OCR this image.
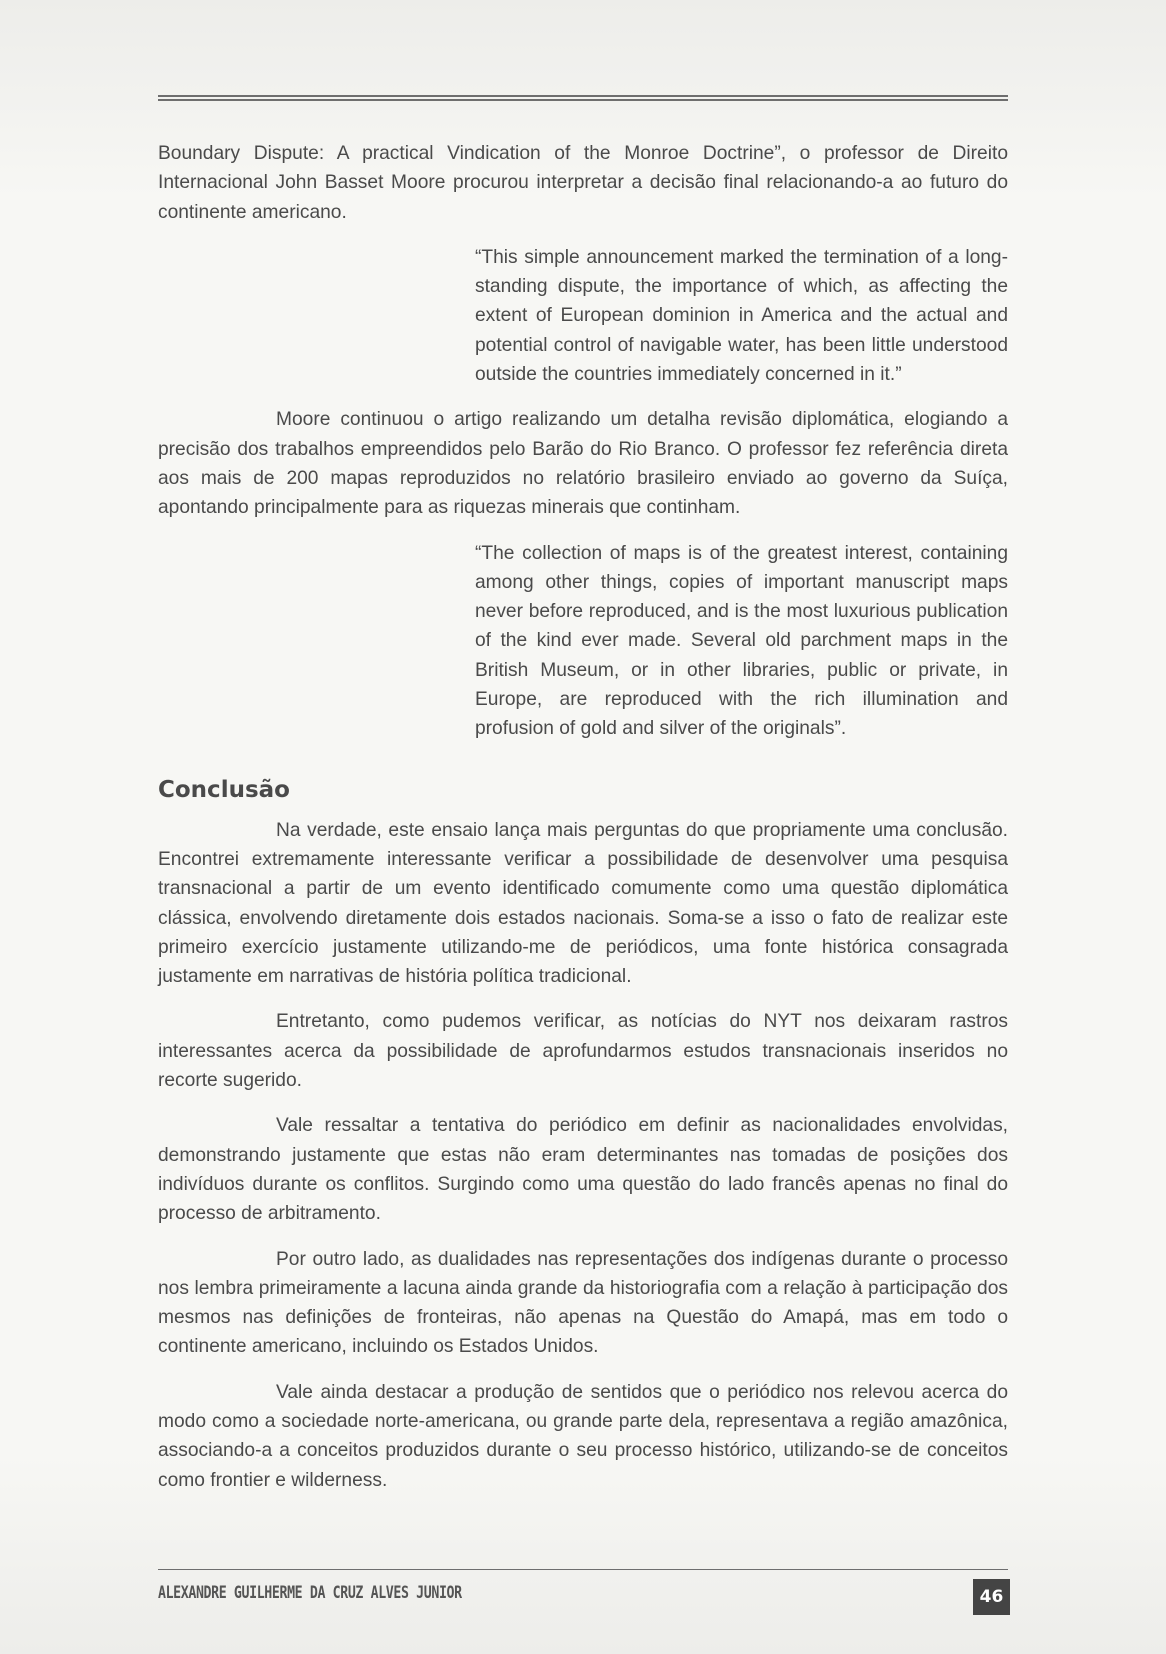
Boundary Dispute: A practical Vindication of the Monroe Doctrine”, o professor de Direito Internacional John Basset Moore procurou interpretar a decisão final relacionando-a ao futuro do continente americano.

“This simple announcement marked the termination of a long-standing dispute, the importance of which, as affecting the extent of European dominion in America and the actual and potential control of navigable water, has been little understood outside the countries immediately concerned in it.”

Moore continuou o artigo realizando um detalha revisão diplomática, elogiando a precisão dos trabalhos empreendidos pelo Barão do Rio Branco. O professor fez referência direta aos mais de 200 mapas reproduzidos no relatório brasileiro enviado ao governo da Suíça, apontando principalmente para as riquezas minerais que continham.

“The collection of maps is of the greatest interest, containing among other things, copies of important manuscript maps never before reproduced, and is the most luxurious publication of the kind ever made. Several old parchment maps in the British Museum, or in other libraries, public or private, in Europe, are reproduced with the rich illumination and profusion of gold and silver of the originals”.

Conclusão

Na verdade, este ensaio lança mais perguntas do que propriamente uma conclusão. Encontrei extremamente interessante verificar a possibilidade de desenvolver uma pesquisa transnacional a partir de um evento identificado comumente como uma questão diplomática clássica, envolvendo diretamente dois estados nacionais. Soma-se a isso o fato de realizar este primeiro exercício justamente utilizando-me de periódicos, uma fonte histórica consagrada justamente em narrativas de história política tradicional.

Entretanto, como pudemos verificar, as notícias do NYT nos deixaram rastros interessantes acerca da possibilidade de aprofundarmos estudos transnacionais inseridos no recorte sugerido.

Vale ressaltar a tentativa do periódico em definir as nacionalidades envolvidas, demonstrando justamente que estas não eram determinantes nas tomadas de posições dos indivíduos durante os conflitos. Surgindo como uma questão do lado francês apenas no final do processo de arbitramento.

Por outro lado, as dualidades nas representações dos indígenas durante o processo nos lembra primeiramente a lacuna ainda grande da historiografia com a relação à participação dos mesmos nas definições de fronteiras, não apenas na Questão do Amapá, mas em todo o continente americano, incluindo os Estados Unidos.

Vale ainda destacar a produção de sentidos que o periódico nos relevou acerca do modo como a sociedade norte-americana, ou grande parte dela, representava a região amazônica, associando-a a conceitos produzidos durante o seu processo histórico, utilizando-se de conceitos como frontier e wilderness.

ALEXANDRE GUILHERME DA CRUZ ALVES JUNIOR	46
